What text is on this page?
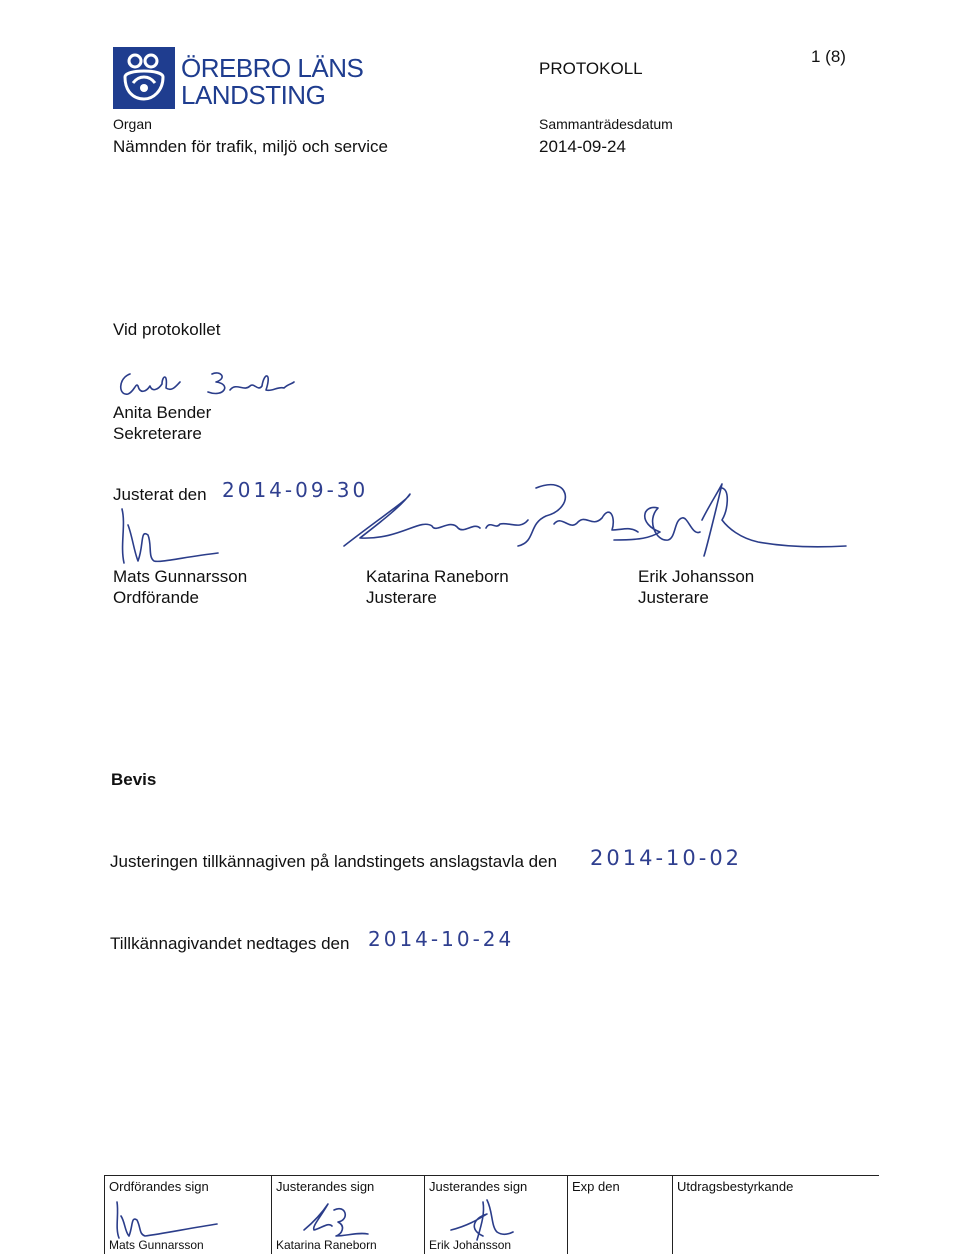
ÖREBRO LÄNS
LANDSTING
PROTOKOLL
1 (8)
Organ
Nämnden för trafik, miljö och service
Sammanträdesdatum
2014-09-24
Vid protokollet
Anita Bender
Sekreterare
Justerat den 2014-09-30
Mats Gunnarsson
Ordförande
Katarina Raneborn
Justerare
Erik Johansson
Justerare
Bevis
Justeringen tillkännagiven på landstingets anslagstavla den 2014-10-02
Tillkännagivandet nedtages den 2014-10-24
Ordförandes sign
Mats Gunnarsson
Justerandes sign
Katarina Raneborn
Justerandes sign
Erik Johansson
Exp den	Utdragsbestyrkande
